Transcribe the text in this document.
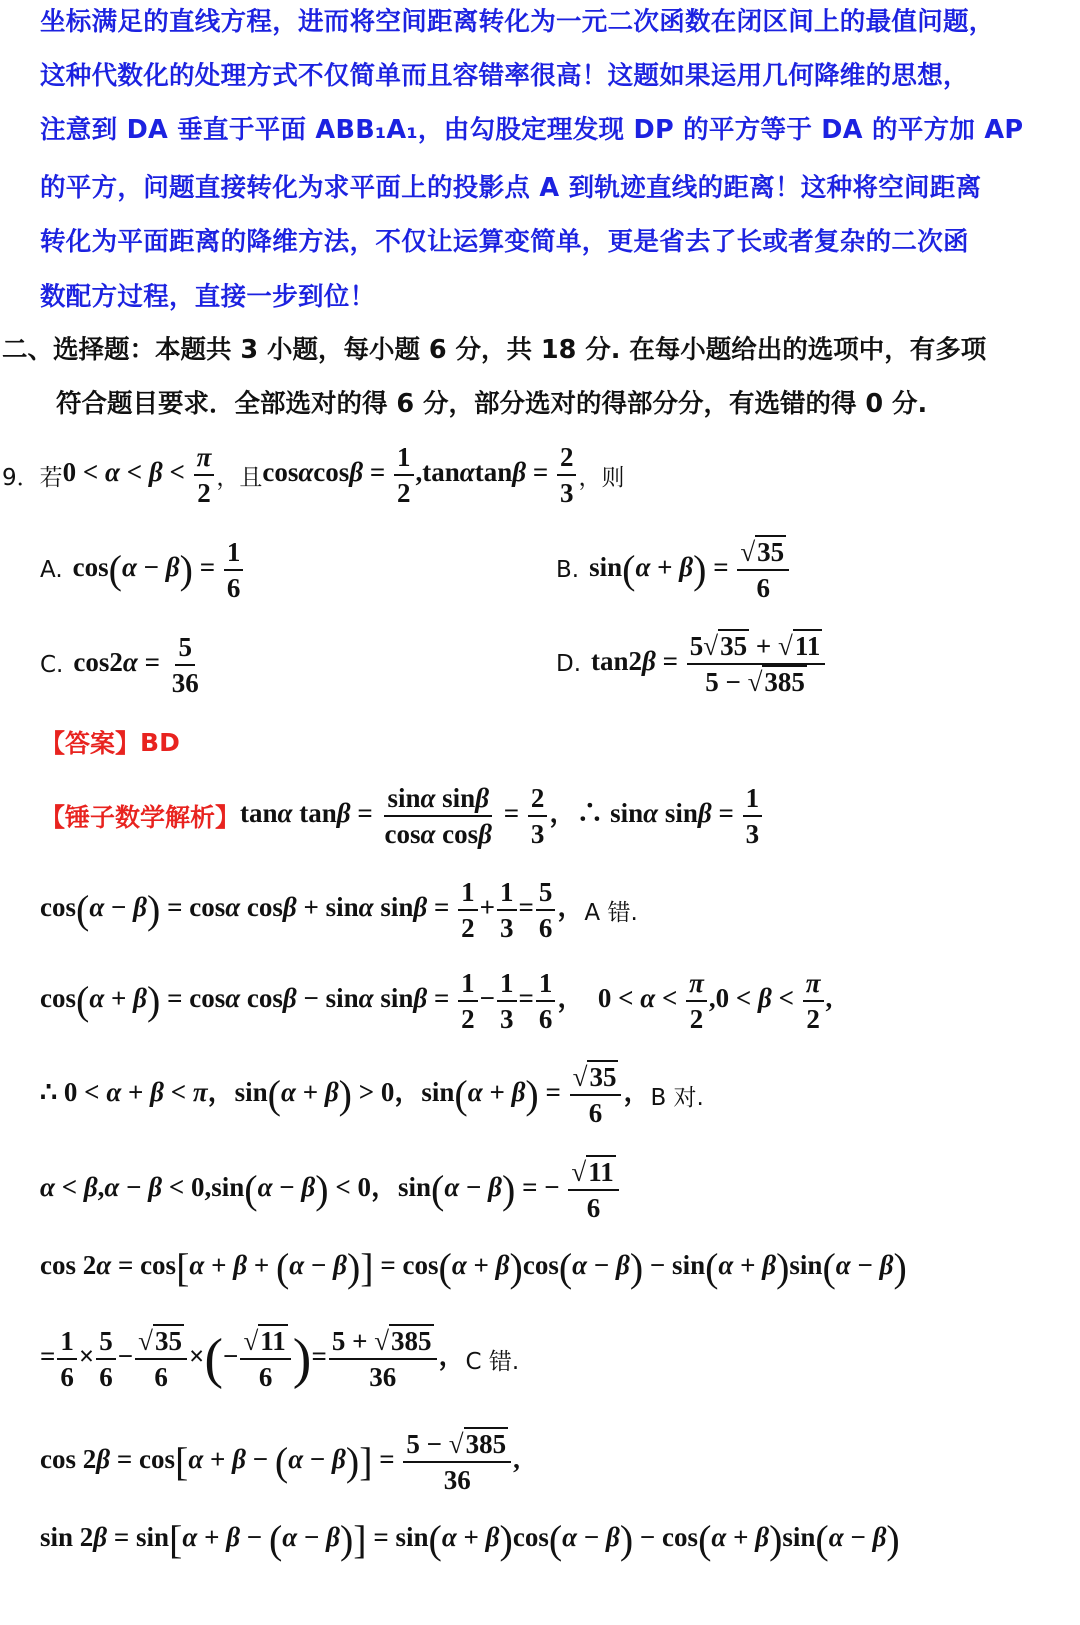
坐标满足的直线方程，进而将空间距离转化为一元二次函数在闭区间上的最值问题，
这种代数化的处理方式不仅简单而且容错率很高！这题如果运用几何降维的思想，
注意到 DA 垂直于平面 ABB₁A₁，由勾股定理发现 DP 的平方等于 DA 的平方加 AP
的平方，问题直接转化为求平面上的投影点 A 到轨迹直线的距离！这种将空间距离
转化为平面距离的降维方法，不仅让运算变简单，更是省去了长或者复杂的二次函
数配方过程，直接一步到位！
二、选择题：本题共 3 小题，每小题 6 分，共 18 分. 在每小题给出的选项中，有多项
符合题目要求．全部选对的得 6 分，部分选对的得部分分，有选错的得 0 分.
9． 若 $0 < \alpha < \beta < \frac{\pi}{2}$ ，且 $\cos\alpha\cos\beta = \frac{1}{2} ,\tan\alpha\tan\beta = \frac{2}{3}$ ，则
A. $\cos(\alpha - \beta) = \frac{1}{6}$	B. $\sin(\alpha + \beta) = \frac{√35}{6}$
C. $\cos 2\alpha = \frac{5}{36}$	D. $\tan 2\beta = \frac{5√35 + √11}{5 - √385}$
【答案】 BD
【锤子数学解析】 tanα $\tan\beta = \frac{\text{sinα sinβ}}{\text{cosα cosβ}} = \frac{2}{3}$ ，∴ sinα $\sin\beta = \frac{1}{3}$
cos(α − β) = cosα cosβ + sinα $\sin\beta = \frac{1}{2} + \frac{1}{3} = \frac{5}{6}$ ， A 错.
cos(α + β) = cosα cosβ − sinα $\sin\beta = \frac{1}{2} - \frac{1}{3} = \frac{1}{6}$ ，  $0 < \alpha < \frac{\pi}{2} ,0 < \beta < \frac{\pi}{2}$ ,
∴ 0 < α + β < π，sin(α + β) > 0，$\sin(\alpha + \beta) = \frac{√35}{6}$ ， B 对.
α < β,α − β < 0,sin(α − β) < 0，sin(α − β) = − $\frac{√11}{6}$
cos 2α = cos[α + β + (α − β)] = cos(α + β)cos(α − β) − sin(α + β)sin(α − β)
= $\frac{1}{6} \times \frac{5}{6} - \frac{√35}{6}$ ×(− $\frac{√11}{6}$ )= $\frac{5 + √385}{36}$ ， C 错.
$\cos 2\beta = \cos[\alpha + \beta - (\alpha - \beta)] = \frac{5 - √385}{36}$ ,
sin 2β = sin[α + β − (α − β)] = sin(α + β)cos(α − β) − cos(α + β)sin(α − β)
